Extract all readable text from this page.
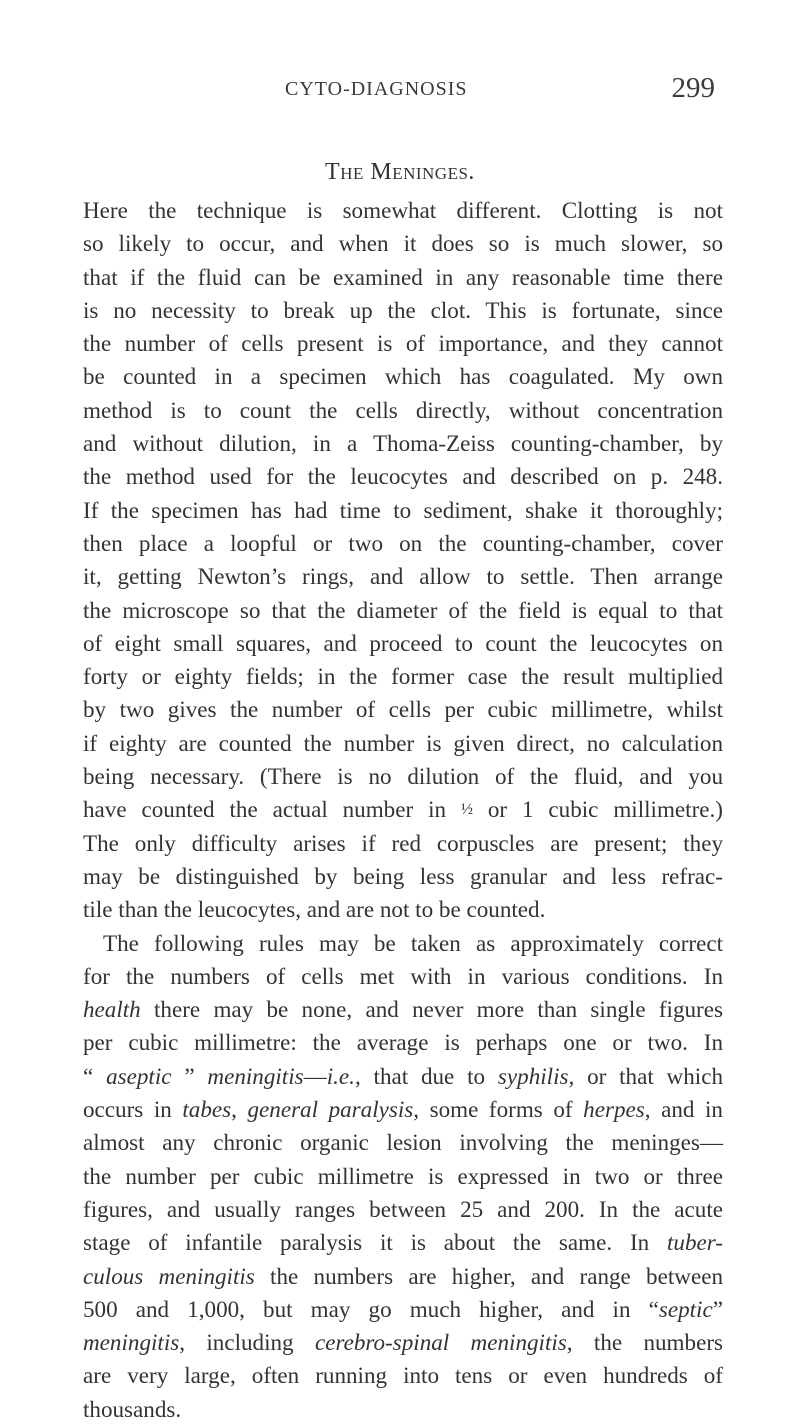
CYTO-DIAGNOSIS	299
The Meninges.
Here the technique is somewhat different. Clotting is not
so likely to occur, and when it does so is much slower, so
that if the fluid can be examined in any reasonable time there
is no necessity to break up the clot. This is fortunate, since
the number of cells present is of importance, and they cannot
be counted in a specimen which has coagulated. My own
method is to count the cells directly, without concentration
and without dilution, in a Thoma-Zeiss counting-chamber, by
the method used for the leucocytes and described on p. 248.
If the specimen has had time to sediment, shake it thoroughly;
then place a loopful or two on the counting-chamber, cover
it, getting Newton’s rings, and allow to settle. Then arrange
the microscope so that the diameter of the field is equal to that
of eight small squares, and proceed to count the leucocytes on
forty or eighty fields; in the former case the result multiplied
by two gives the number of cells per cubic millimetre, whilst
if eighty are counted the number is given direct, no calculation
being necessary. (There is no dilution of the fluid, and you
have counted the actual number in ½ or 1 cubic millimetre.)
The only difficulty arises if red corpuscles are present; they
may be distinguished by being less granular and less refrac-
tile than the leucocytes, and are not to be counted.
The following rules may be taken as approximately correct
for the numbers of cells met with in various conditions. In
health there may be none, and never more than single figures
per cubic millimetre: the average is perhaps one or two. In
“ aseptic ” meningitis—i.e., that due to syphilis, or that which
occurs in tabes, general paralysis, some forms of herpes, and in
almost any chronic organic lesion involving the meninges—
the number per cubic millimetre is expressed in two or three
figures, and usually ranges between 25 and 200. In the acute
stage of infantile paralysis it is about the same. In tuber-
culous meningitis the numbers are higher, and range between
500 and 1,000, but may go much higher, and in “septic”
meningitis, including cerebro-spinal meningitis, the numbers
are very large, often running into tens or even hundreds of
thousands.
